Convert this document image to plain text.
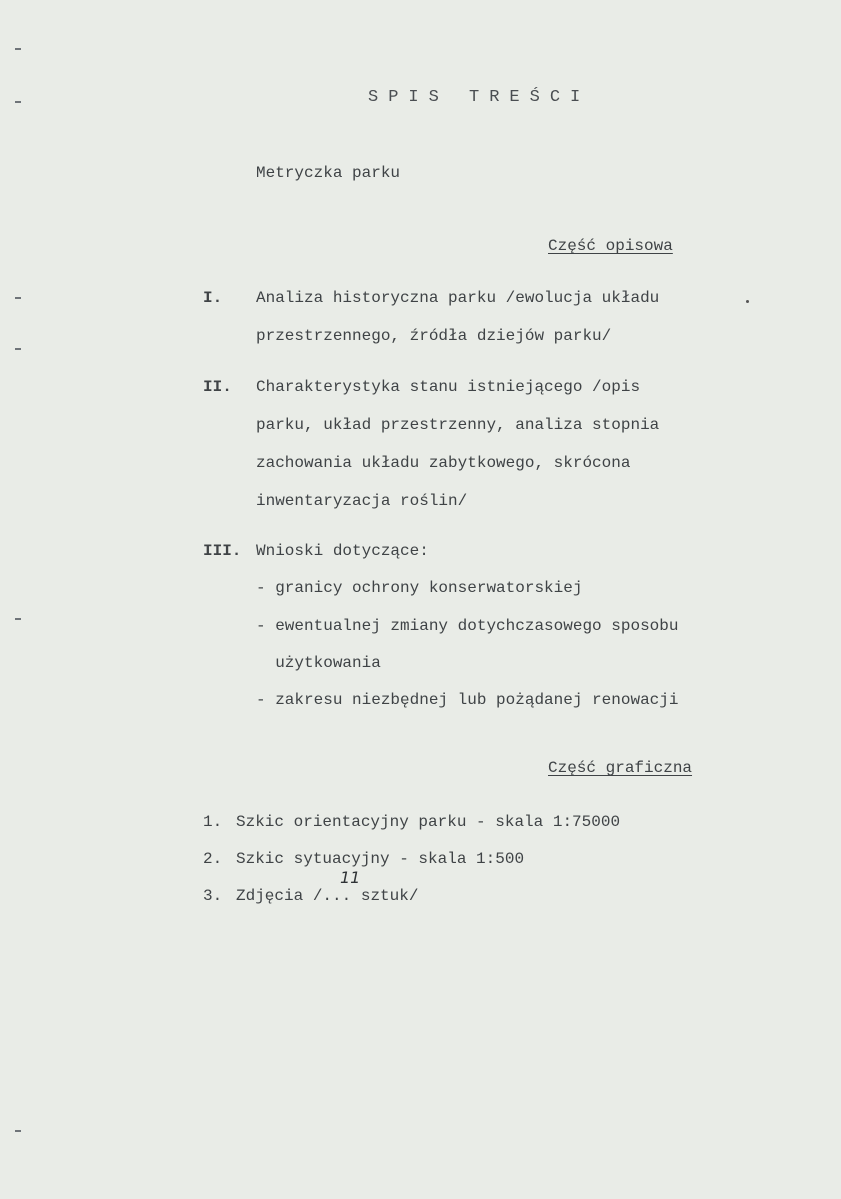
SPIS TREŚCI
Metryczka parku
Część opisowa
I. Analiza historyczna parku /ewolucja układu
przestrzennego, źródła dziejów parku/
II. Charakterystyka stanu istniejącego /opis
parku, układ przestrzenny, analiza stopnia
zachowania układu zabytkowego, skrócona
inwentaryzacja roślin/
III. Wnioski dotyczące:
- granicy ochrony konserwatorskiej
- ewentualnej zmiany dotychczasowego sposobu
użytkowania
- zakresu niezbędnej lub pożądanej renowacji
Część graficzna
1. Szkic orientacyjny parku - skala 1:75000
2. Szkic sytuacyjny - skala 1:500
3. Zdjęcia /... sztuk/
11
